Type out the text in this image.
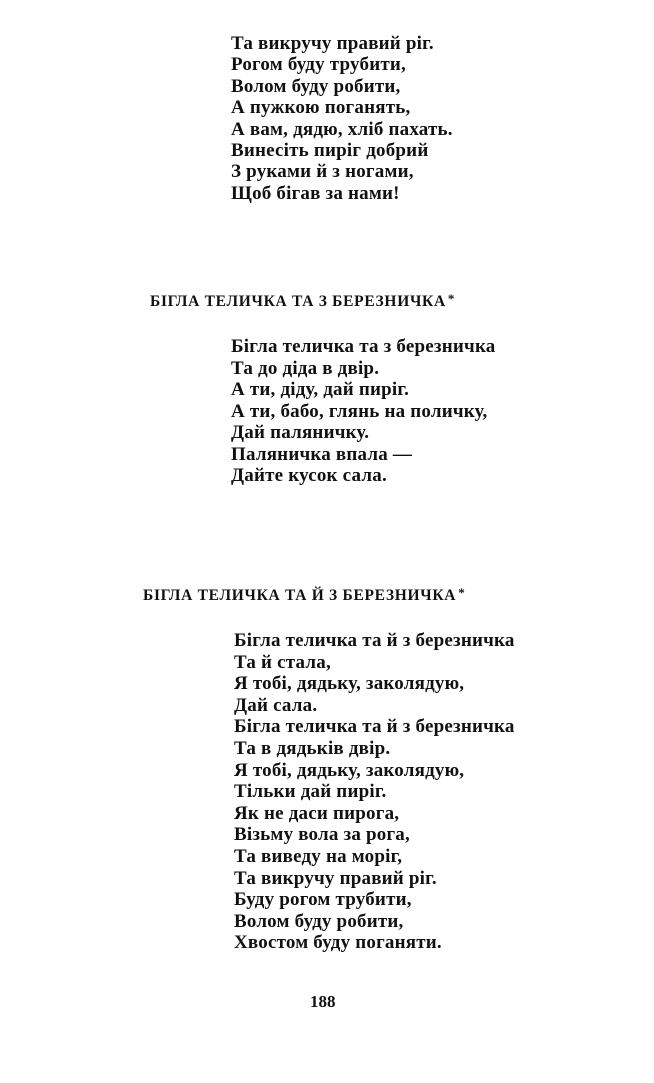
Та викручу правий ріг.
Рогом буду трубити,
Волом буду робити,
А пужкою поганять,
А вам, дядю, хліб пахать.
Винесіть пиріг добрий
З руками й з ногами,
Щоб бігав за нами!
БІГЛА ТЕЛИЧКА ТА З БЕРЕЗНИЧКА *
Бігла теличка та з березничка
Та до діда в двір.
А ти, діду, дай пиріг.
А ти, бабо, глянь на поличку,
Дай паляничку.
Паляничка впала —
Дайте кусок сала.
БІГЛА ТЕЛИЧКА ТА Й З БЕРЕЗНИЧКА *
Бігла теличка та й з березничка
Та й стала,
Я тобі, дядьку, заколядую,
Дай сала.
Бігла теличка та й з березничка
Та в дядьків двір.
Я тобі, дядьку, заколядую,
Тільки дай пиріг.
Як не даси пирога,
Візьму вола за рога,
Та виведу на моріг,
Та викручу правий ріг.
Буду рогом трубити,
Волом буду робити,
Хвостом буду поганяти.
188
